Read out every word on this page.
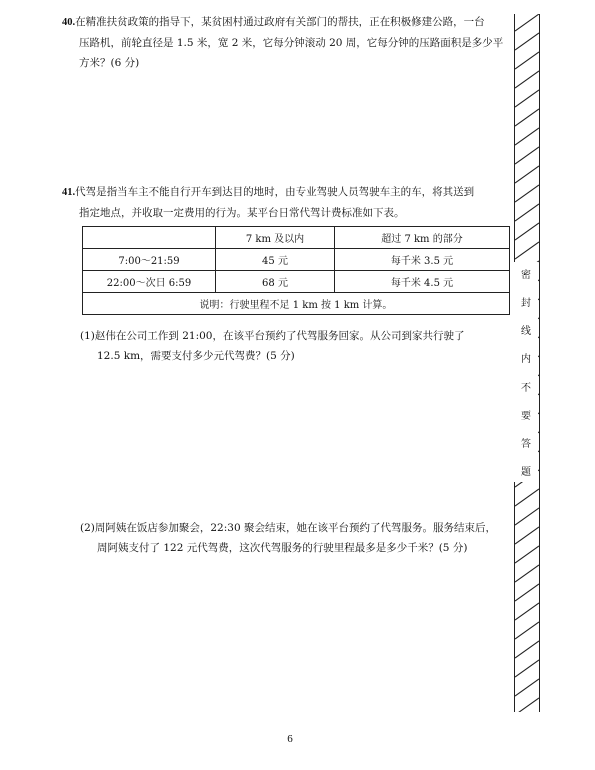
40.在精准扶贫政策的指导下，某贫困村通过政府有关部门的帮扶，正在积极修建公路，一台
压路机，前轮直径是 1.5 米，宽 2 米，它每分钟滚动 20 周，它每分钟的压路面积是多少平
方米？(6 分)
41.代驾是指当车主不能自行开车到达目的地时，由专业驾驶人员驾驶车主的车，将其送到
指定地点，并收取一定费用的行为。某平台日常代驾计费标准如下表。
	7 km 及以内	超过 7 km 的部分
7:00～21:59	45 元	每千米 3.5 元
22:00～次日 6:59	68 元	每千米 4.5 元
说明：行驶里程不足 1 km 按 1 km 计算。		
(1)赵伟在公司工作到 21:00，在该平台预约了代驾服务回家。从公司到家共行驶了
12.5 km，需要支付多少元代驾费？(5 分)
(2)周阿姨在饭店参加聚会，22:30 聚会结束，她在该平台预约了代驾服务。服务结束后，
周阿姨支付了 122 元代驾费，这次代驾服务的行驶里程最多是多少千米？(5 分)
密
封
线
内
不
要
答
题
6
